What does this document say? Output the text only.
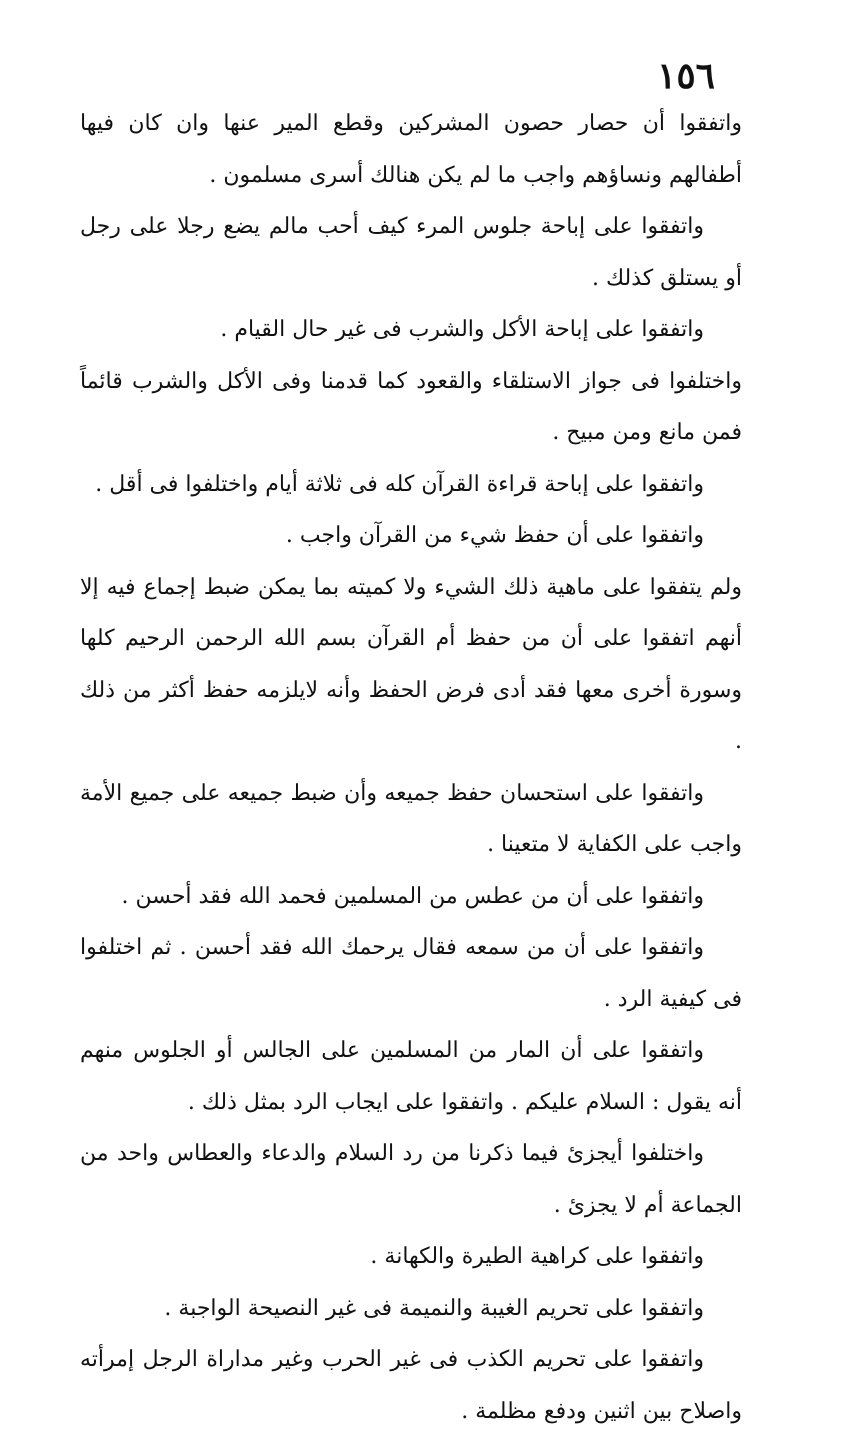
١٥٦

واتفقوا أن حصار حصون المشركين وقطع المير عنها وان كان فيها أطفالهم ونساؤهم واجب ما لم يكن هنالك أسرى مسلمون .

واتفقوا على إباحة جلوس المرء كيف أحب مالم يضع رجلا على رجل أو يستلق كذلك .

واتفقوا على إباحة الأكل والشرب فى غير حال القيام .

واختلفوا فى جواز الاستلقاء والقعود كما قدمنا وفى الأكل والشرب قائماً فمن مانع ومن مبيح .

واتفقوا على إباحة قراءة القرآن كله فى ثلاثة أيام واختلفوا فى أقل .

واتفقوا على أن حفظ شيء من القرآن واجب .

ولم يتفقوا على ماهية ذلك الشيء ولا كميته بما يمكن ضبط إجماع فيه إلا أنهم اتفقوا على أن من حفظ أم القرآن بسم الله الرحمن الرحيم كلها وسورة أخرى معها فقد أدى فرض الحفظ وأنه لايلزمه حفظ أكثر من ذلك .

واتفقوا على استحسان حفظ جميعه وأن ضبط جميعه على جميع الأمة واجب على الكفاية لا متعينا .

واتفقوا على أن من عطس من المسلمين فحمد الله فقد أحسن .

واتفقوا على أن من سمعه فقال يرحمك الله فقد أحسن . ثم اختلفوا فى كيفية الرد .

واتفقوا على أن المار من المسلمين على الجالس أو الجلوس منهم أنه يقول : السلام عليكم . واتفقوا على ايجاب الرد بمثل ذلك .

واختلفوا أيجزئ فيما ذكرنا من رد السلام والدعاء والعطاس واحد من الجماعة أم لا يجزئ .

واتفقوا على كراهية الطيرة والكهانة .

واتفقوا على تحريم الغيبة والنميمة فى غير النصيحة الواجبة .

واتفقوا على تحريم الكذب فى غير الحرب وغير مداراة الرجل إمرأته واصلاح بين اثنين ودفع مظلمة .
